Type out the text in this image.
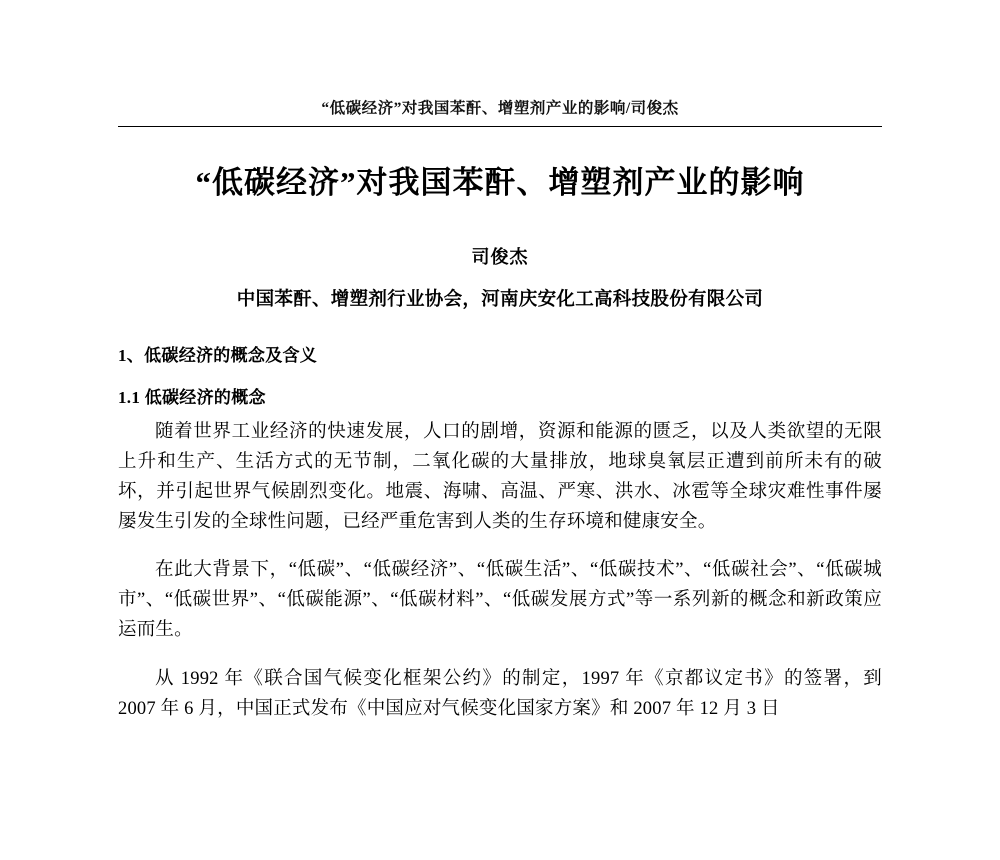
“低碳经济”对我国苯酐、增塑剂产业的影响/司俊杰
“低碳经济”对我国苯酐、增塑剂产业的影响
司俊杰
中国苯酐、增塑剂行业协会，河南庆安化工高科技股份有限公司
1、低碳经济的概念及含义
1.1 低碳经济的概念

随着世界工业经济的快速发展，人口的剧增，资源和能源的匮乏，以及人类欲望的无限上升和生产、生活方式的无节制，二氧化碳的大量排放，地球臭氧层正遭到前所未有的破坏，并引起世界气候剧烈变化。地震、海啸、高温、严寒、洪水、冰雹等全球灾难性事件屡屡发生引发的全球性问题，已经严重危害到人类的生存环境和健康安全。

在此大背景下，“低碳”、“低碳经济”、“低碳生活”、“低碳技术”、“低碳社会”、“低碳城市”、“低碳世界”、“低碳能源”、“低碳材料”、“低碳发展方式”等一系列新的概念和新政策应运而生。

从 1992 年《联合国气候变化框架公约》的制定，1997 年《京都议定书》的签署，到 2007 年 6 月，中国正式发布《中国应对气候变化国家方案》和 2007 年 12 月 3 日
